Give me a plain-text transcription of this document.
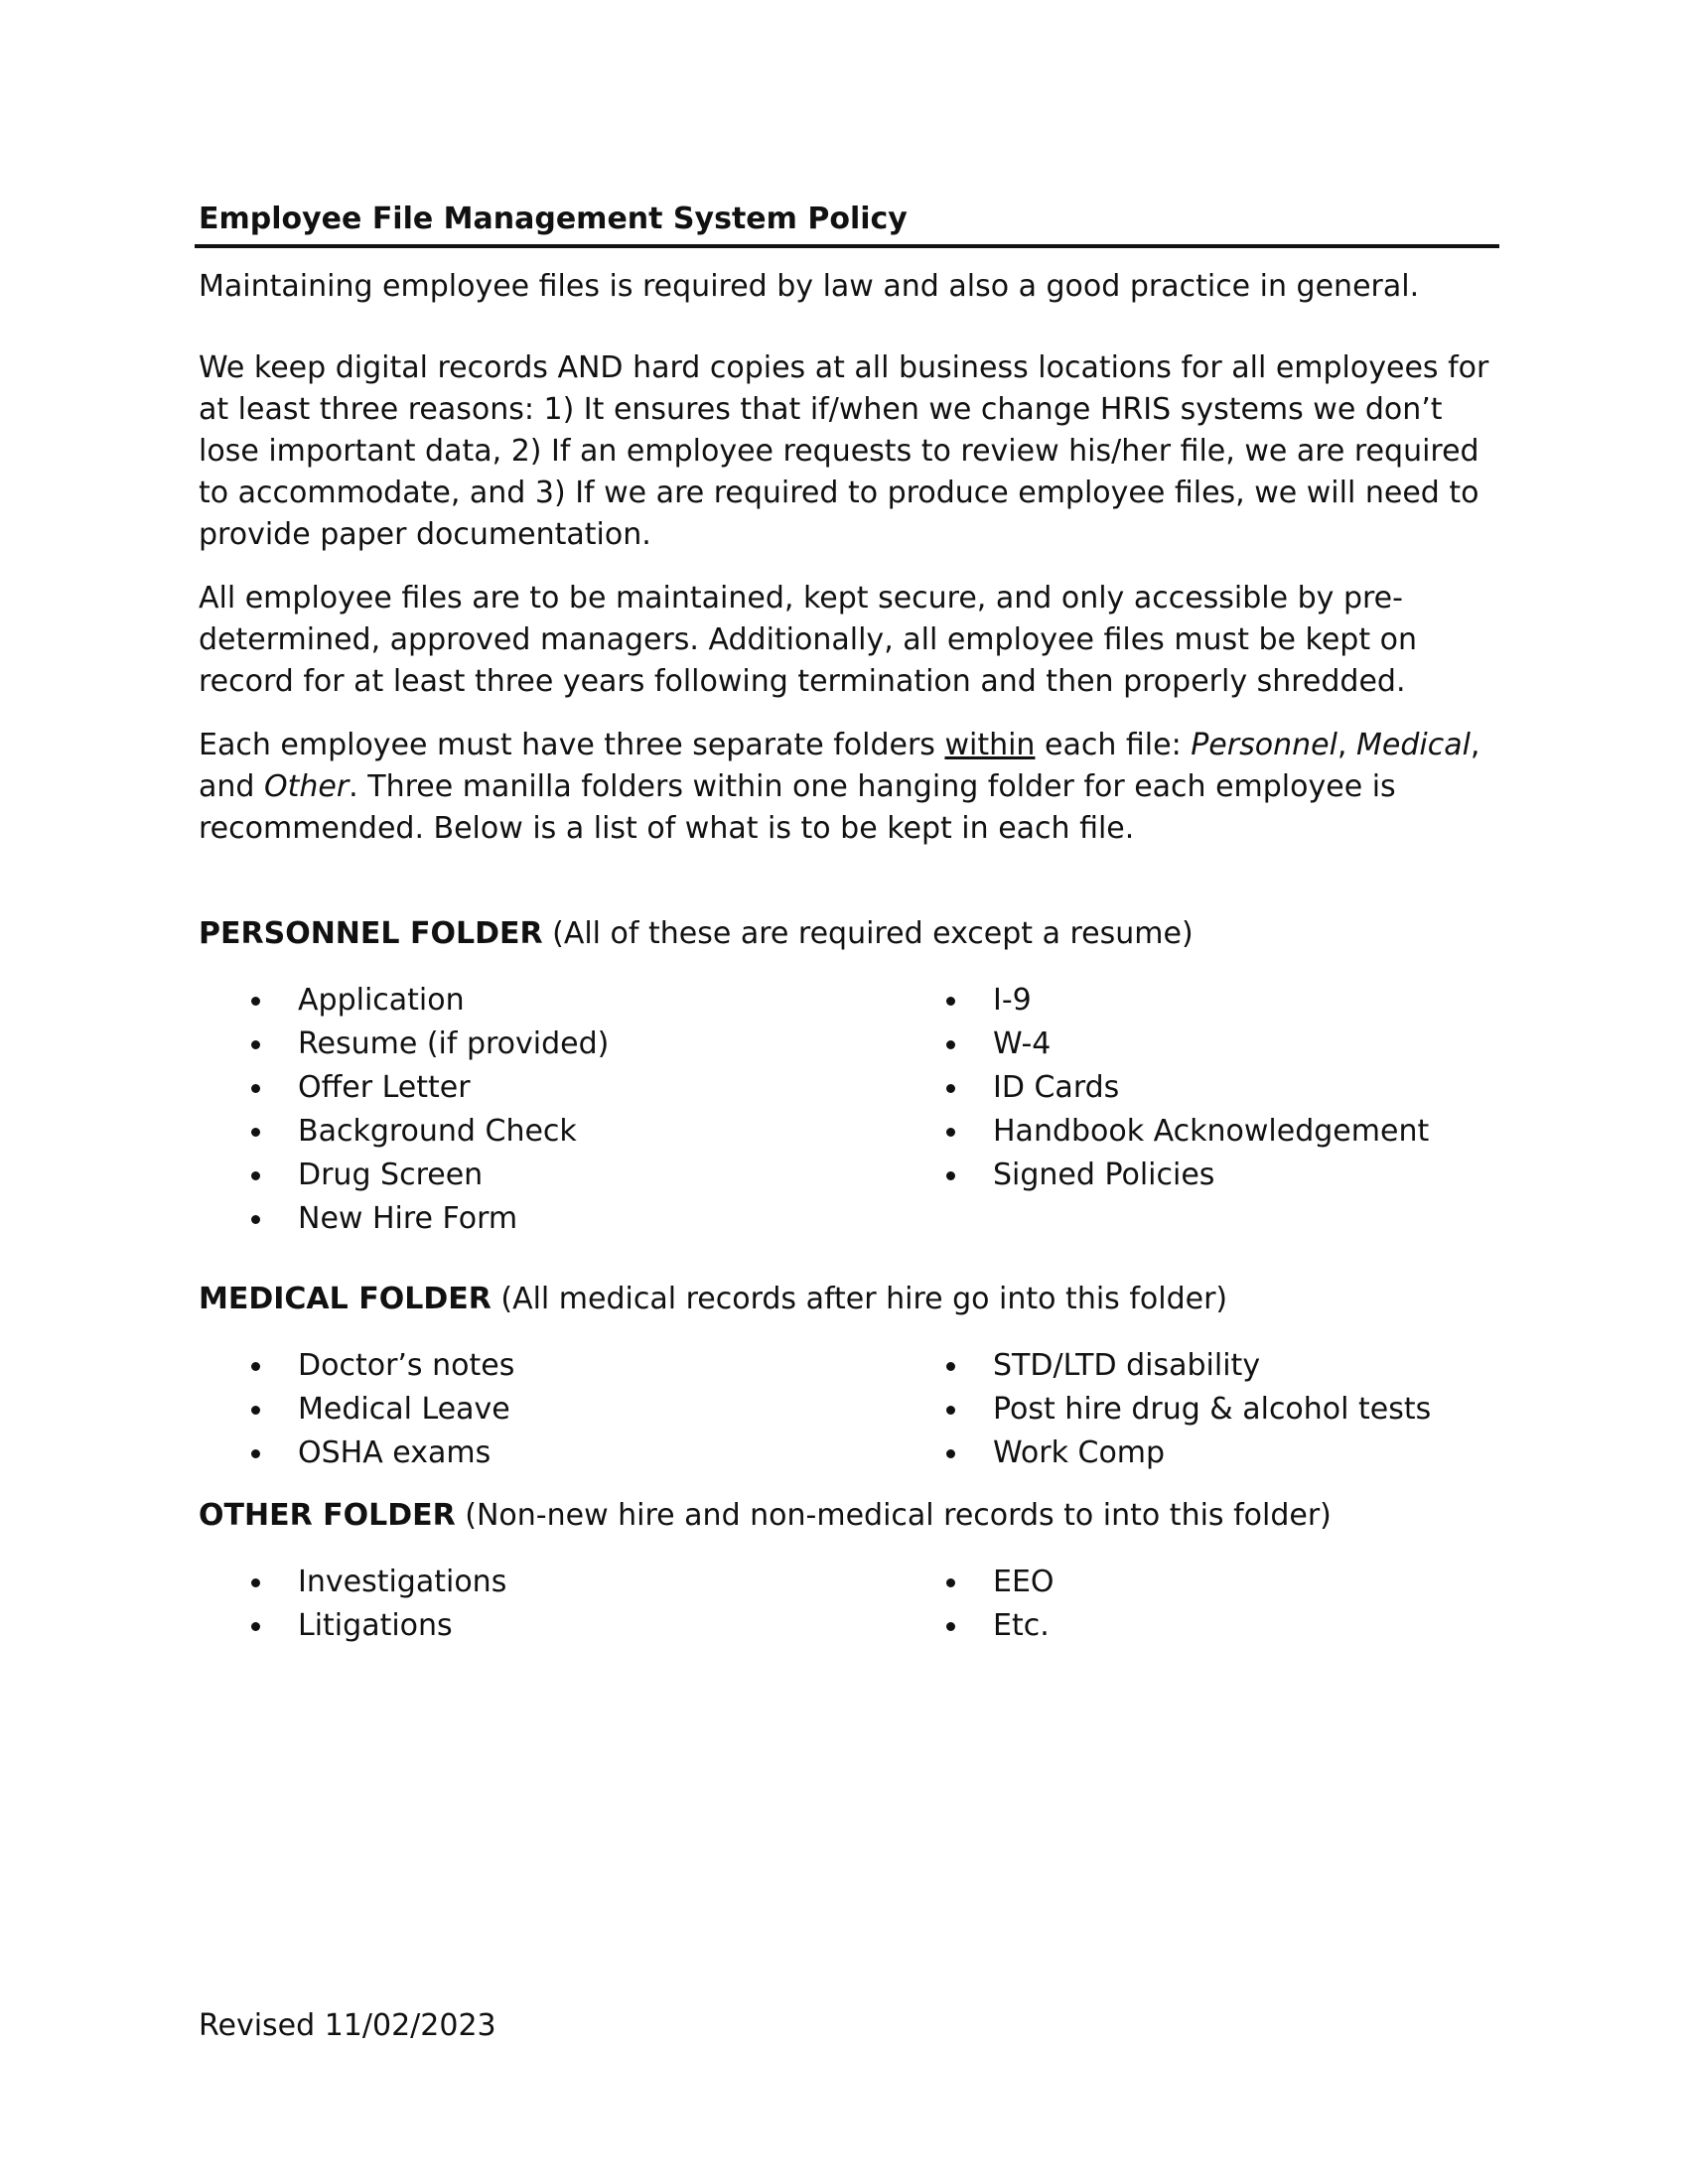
Employee File Management System Policy

Maintaining employee files is required by law and also a good practice in general.

We keep digital records AND hard copies at all business locations for all employees for at least three reasons: 1) It ensures that if/when we change HRIS systems we don’t lose important data, 2) If an employee requests to review his/her file, we are required to accommodate, and 3) If we are required to produce employee files, we will need to provide paper documentation.

All employee files are to be maintained, kept secure, and only accessible by pre-determined, approved managers. Additionally, all employee files must be kept on record for at least three years following termination and then properly shredded.

Each employee must have three separate folders within each file: Personnel, Medical, and Other. Three manilla folders within one hanging folder for each employee is recommended. Below is a list of what is to be kept in each file.

PERSONNEL FOLDER (All of these are required except a resume)
Application
Resume (if provided)
Offer Letter
Background Check
Drug Screen
New Hire Form
I-9
W-4
ID Cards
Handbook Acknowledgement
Signed Policies
MEDICAL FOLDER (All medical records after hire go into this folder)
Doctor’s notes
Medical Leave
OSHA exams
STD/LTD disability
Post hire drug & alcohol tests
Work Comp
OTHER FOLDER (Non-new hire and non-medical records to into this folder)
Investigations
Litigations
EEO
Etc.
Revised 11/02/2023
